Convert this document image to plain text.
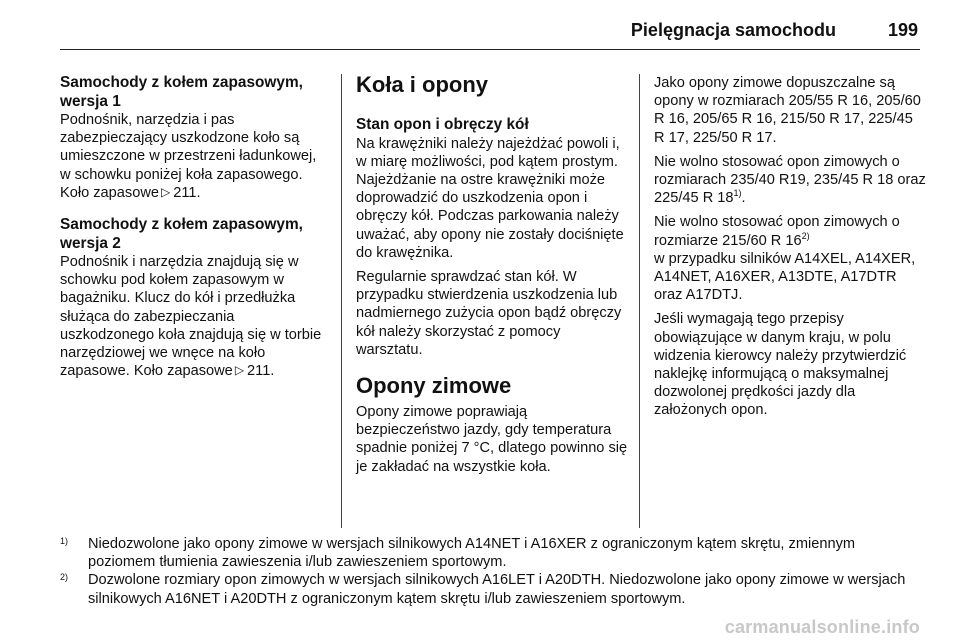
Pielęgnacja samochodu	199
Samochody z kołem zapasowym, wersja 1

Podnośnik, narzędzia i pas zabezpieczający uszkodzone koło są umieszczone w przestrzeni ładunkowej, w schowku poniżej koła zapasowego. Koło zapasowe ▷ 211.

Samochody z kołem zapasowym, wersja 2

Podnośnik i narzędzia znajdują się w schowku pod kołem zapasowym w bagażniku. Klucz do kół i przedłużka służąca do zabezpieczania uszkodzonego koła znajdują się w torbie narzędziowej we wnęce na koło zapasowe. Koło zapasowe ▷ 211.

Koła i opony
Stan opon i obręczy kół

Na krawężniki należy najeżdżać powoli i, w miarę możliwości, pod kątem prostym. Najeżdżanie na ostre krawężniki może doprowadzić do uszkodzenia opon i obręczy kół. Podczas parkowania należy uważać, aby opony nie zostały dociśnięte do krawężnika.

Regularnie sprawdzać stan kół. W przypadku stwierdzenia uszkodzenia lub nadmiernego zużycia opon bądź obręczy kół należy skorzystać z pomocy warsztatu.

Opony zimowe

Opony zimowe poprawiają bezpieczeństwo jazdy, gdy temperatura spadnie poniżej 7 °C, dlatego powinno się je zakładać na wszystkie koła.

Jako opony zimowe dopuszczalne są opony w rozmiarach 205/55 R 16, 205/60 R 16, 205/65 R 16, 215/50 R 17, 225/45 R 17, 225/50 R 17.

Nie wolno stosować opon zimowych o rozmiarach 235/40 R19, 235/45 R 18 oraz 225/45 R 18$^{1)}$.

Nie wolno stosować opon zimowych o rozmiarze 215/60 R 16$^{2)}$
w przypadku silników A14XEL, A14XER, A14NET, A16XER, A13DTE, A17DTR oraz A17DTJ.

Jeśli wymagają tego przepisy obowiązujące w danym kraju, w polu widzenia kierowcy należy przytwierdzić naklejkę informującą o maksymalnej dozwolonej prędkości jazdy dla założonych opon.

1) Niedozwolone jako opony zimowe w wersjach silnikowych A14NET i A16XER z ograniczonym kątem skrętu, zmiennym poziomem tłumienia zawieszenia i/lub zawieszeniem sportowym.
2) Dozwolone rozmiary opon zimowych w wersjach silnikowych A16LET i A20DTH. Niedozwolone jako opony zimowe w wersjach silnikowych A16NET i A20DTH z ograniczonym kątem skrętu i/lub zawieszeniem sportowym.
carmanualsonline.info
